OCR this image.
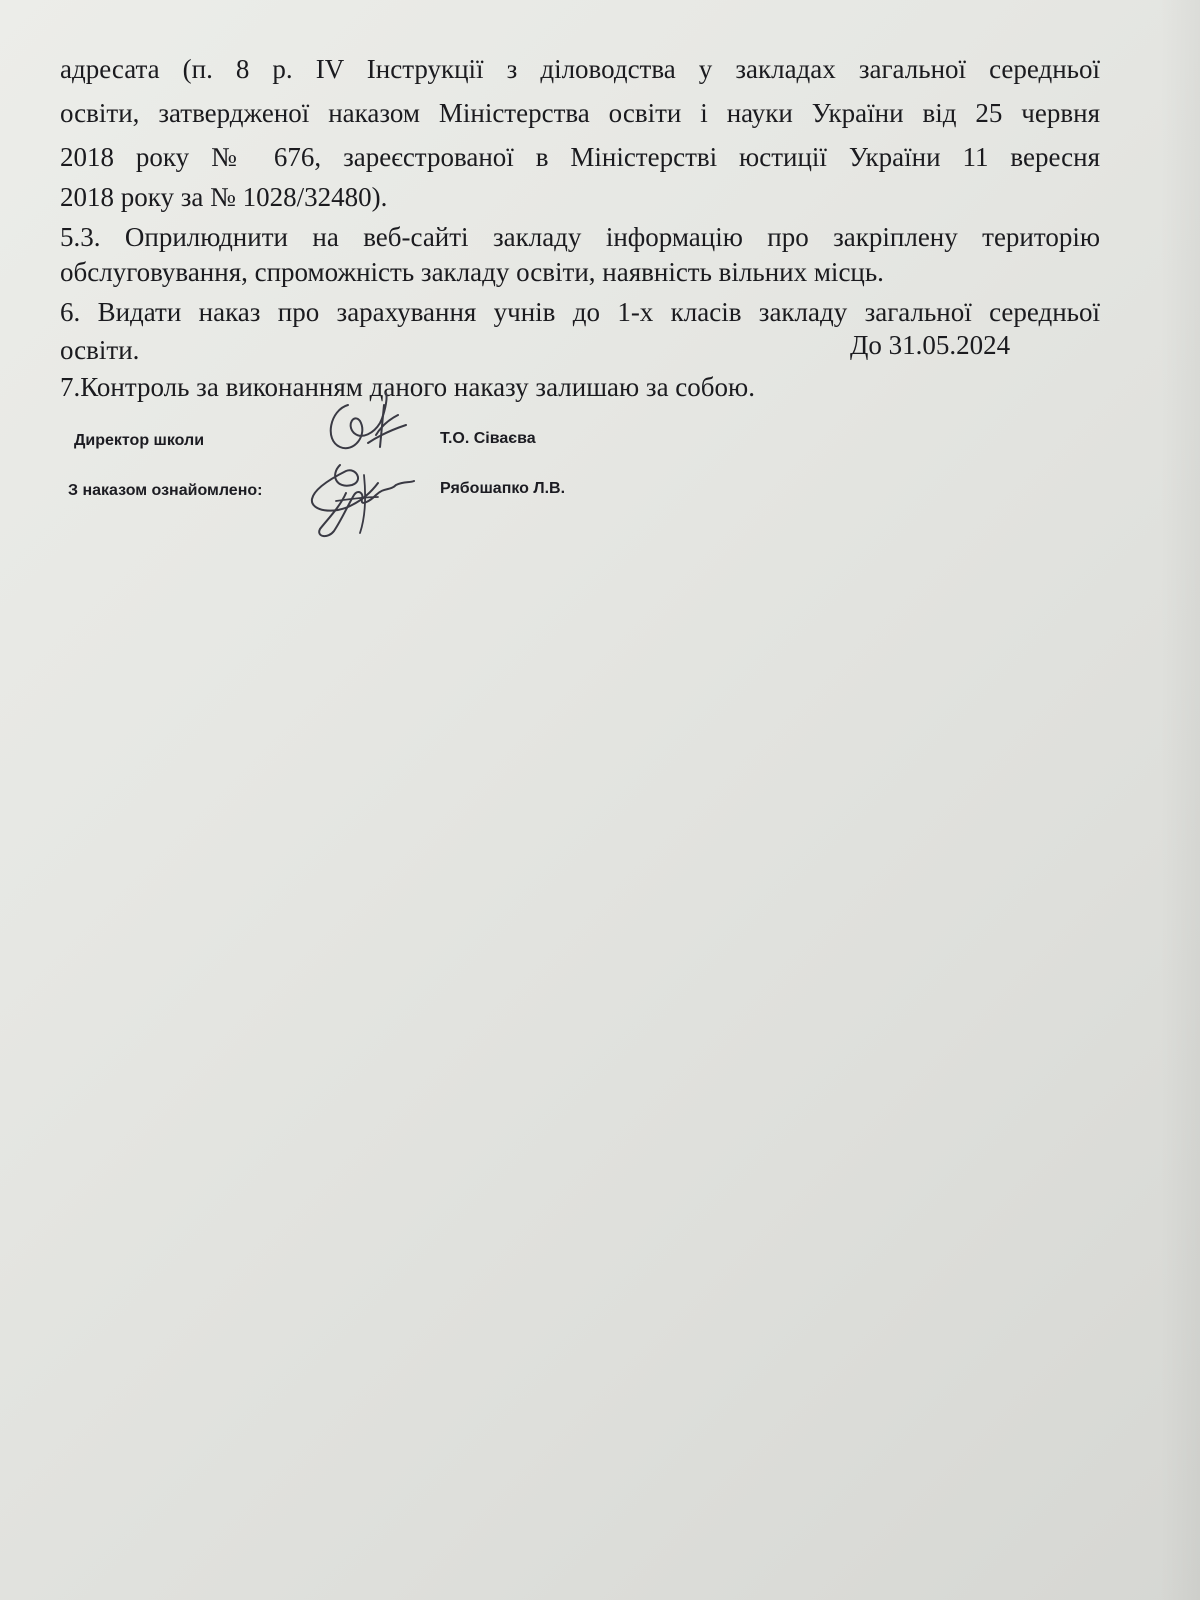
адресата (п. 8 р. IV Інструкції з діловодства у закладах загальної середньої
освіти, затвердженої наказом Міністерства освіти і науки України від 25 червня
2018 року № 676, зареєстрованої в Міністерстві юстиції України 11 вересня
2018 року за № 1028/32480).
5.3. Оприлюднити на веб-сайті закладу інформацію про закріплену територію
обслуговування, спроможність закладу освіти, наявність вільних місць.
6. Видати наказ про зарахування учнів до 1-х класів закладу загальної середньої
освіти.	До 31.05.2024
7.Контроль за виконанням даного наказу залишаю за собою.
Директор школи	Т.О. Сіваєва
З наказом ознайомлено:	Рябошапко Л.В.
